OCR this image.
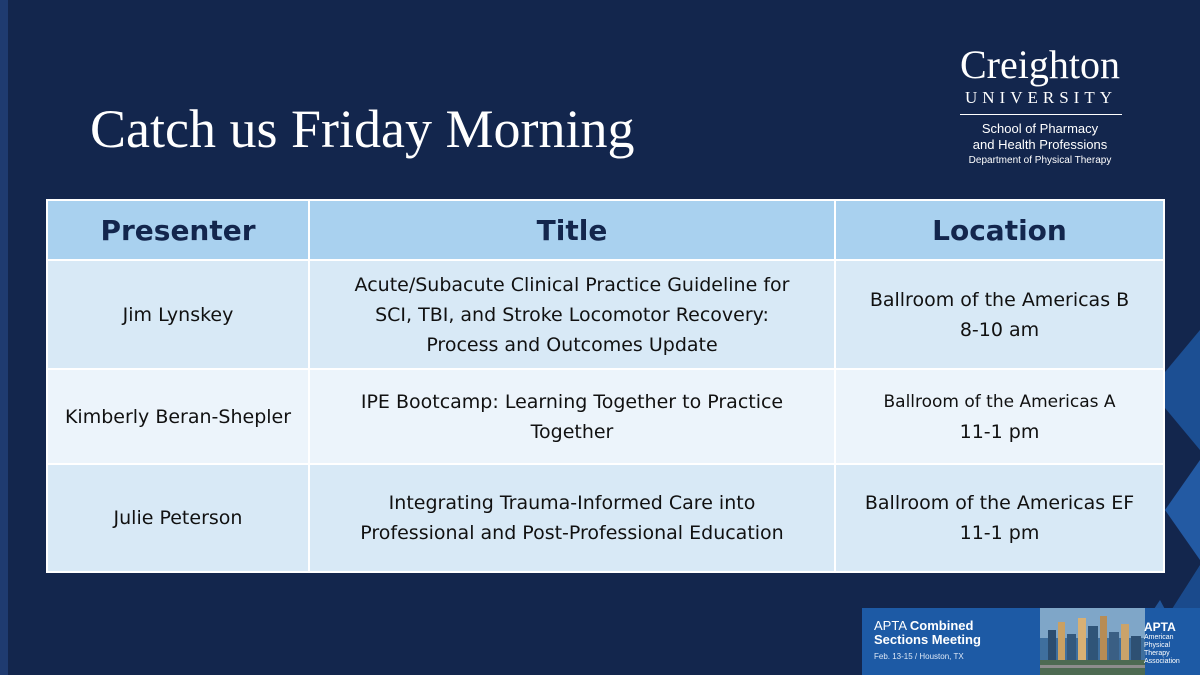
Catch us Friday Morning
Creighton
UNIVERSITY
School of Pharmacy
and Health Professions
Department of Physical Therapy
Presenter	Title	Location
Jim Lynskey	Acute/Subacute Clinical Practice Guideline for
SCI, TBI, and Stroke Locomotor Recovery:
Process and Outcomes Update	Ballroom of the Americas B
8-10 am

Kimberly Beran-Shepler	IPE Bootcamp: Learning Together to Practice
Together	Ballroom of the Americas A
11-1 pm

Julie Peterson	Integrating Trauma-Informed Care into
Professional and Post-Professional Education	Ballroom of the Americas EF
11-1 pm
APTA Combined
Sections Meeting
Feb. 13-15 / Houston, TX
APTA
American
Physical Therapy
Association
